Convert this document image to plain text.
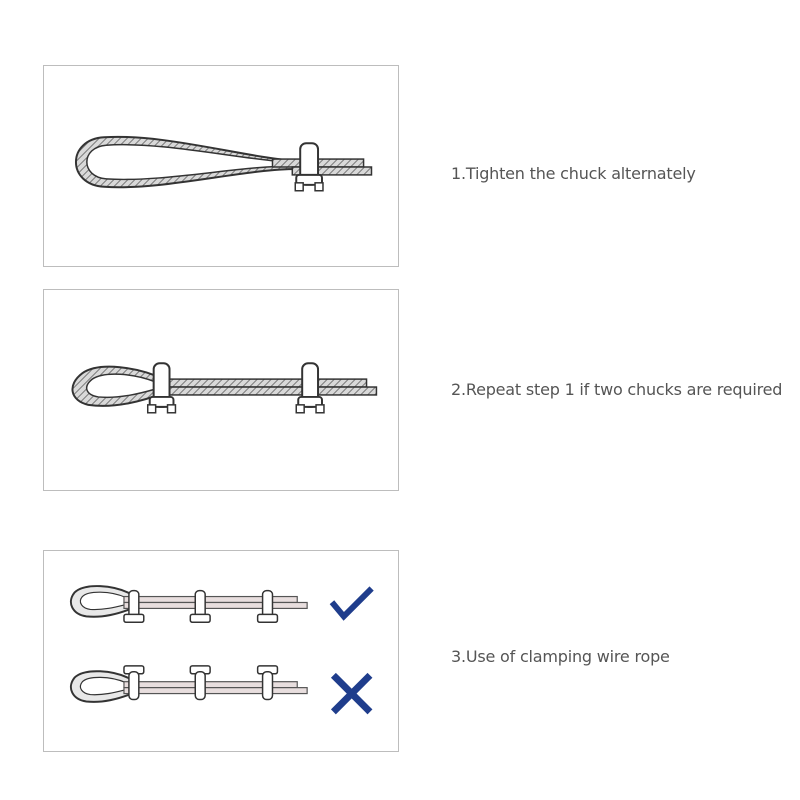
1.Tighten the chuck alternately
2.Repeat step 1 if two chucks are required
3.Use of clamping wire rope
